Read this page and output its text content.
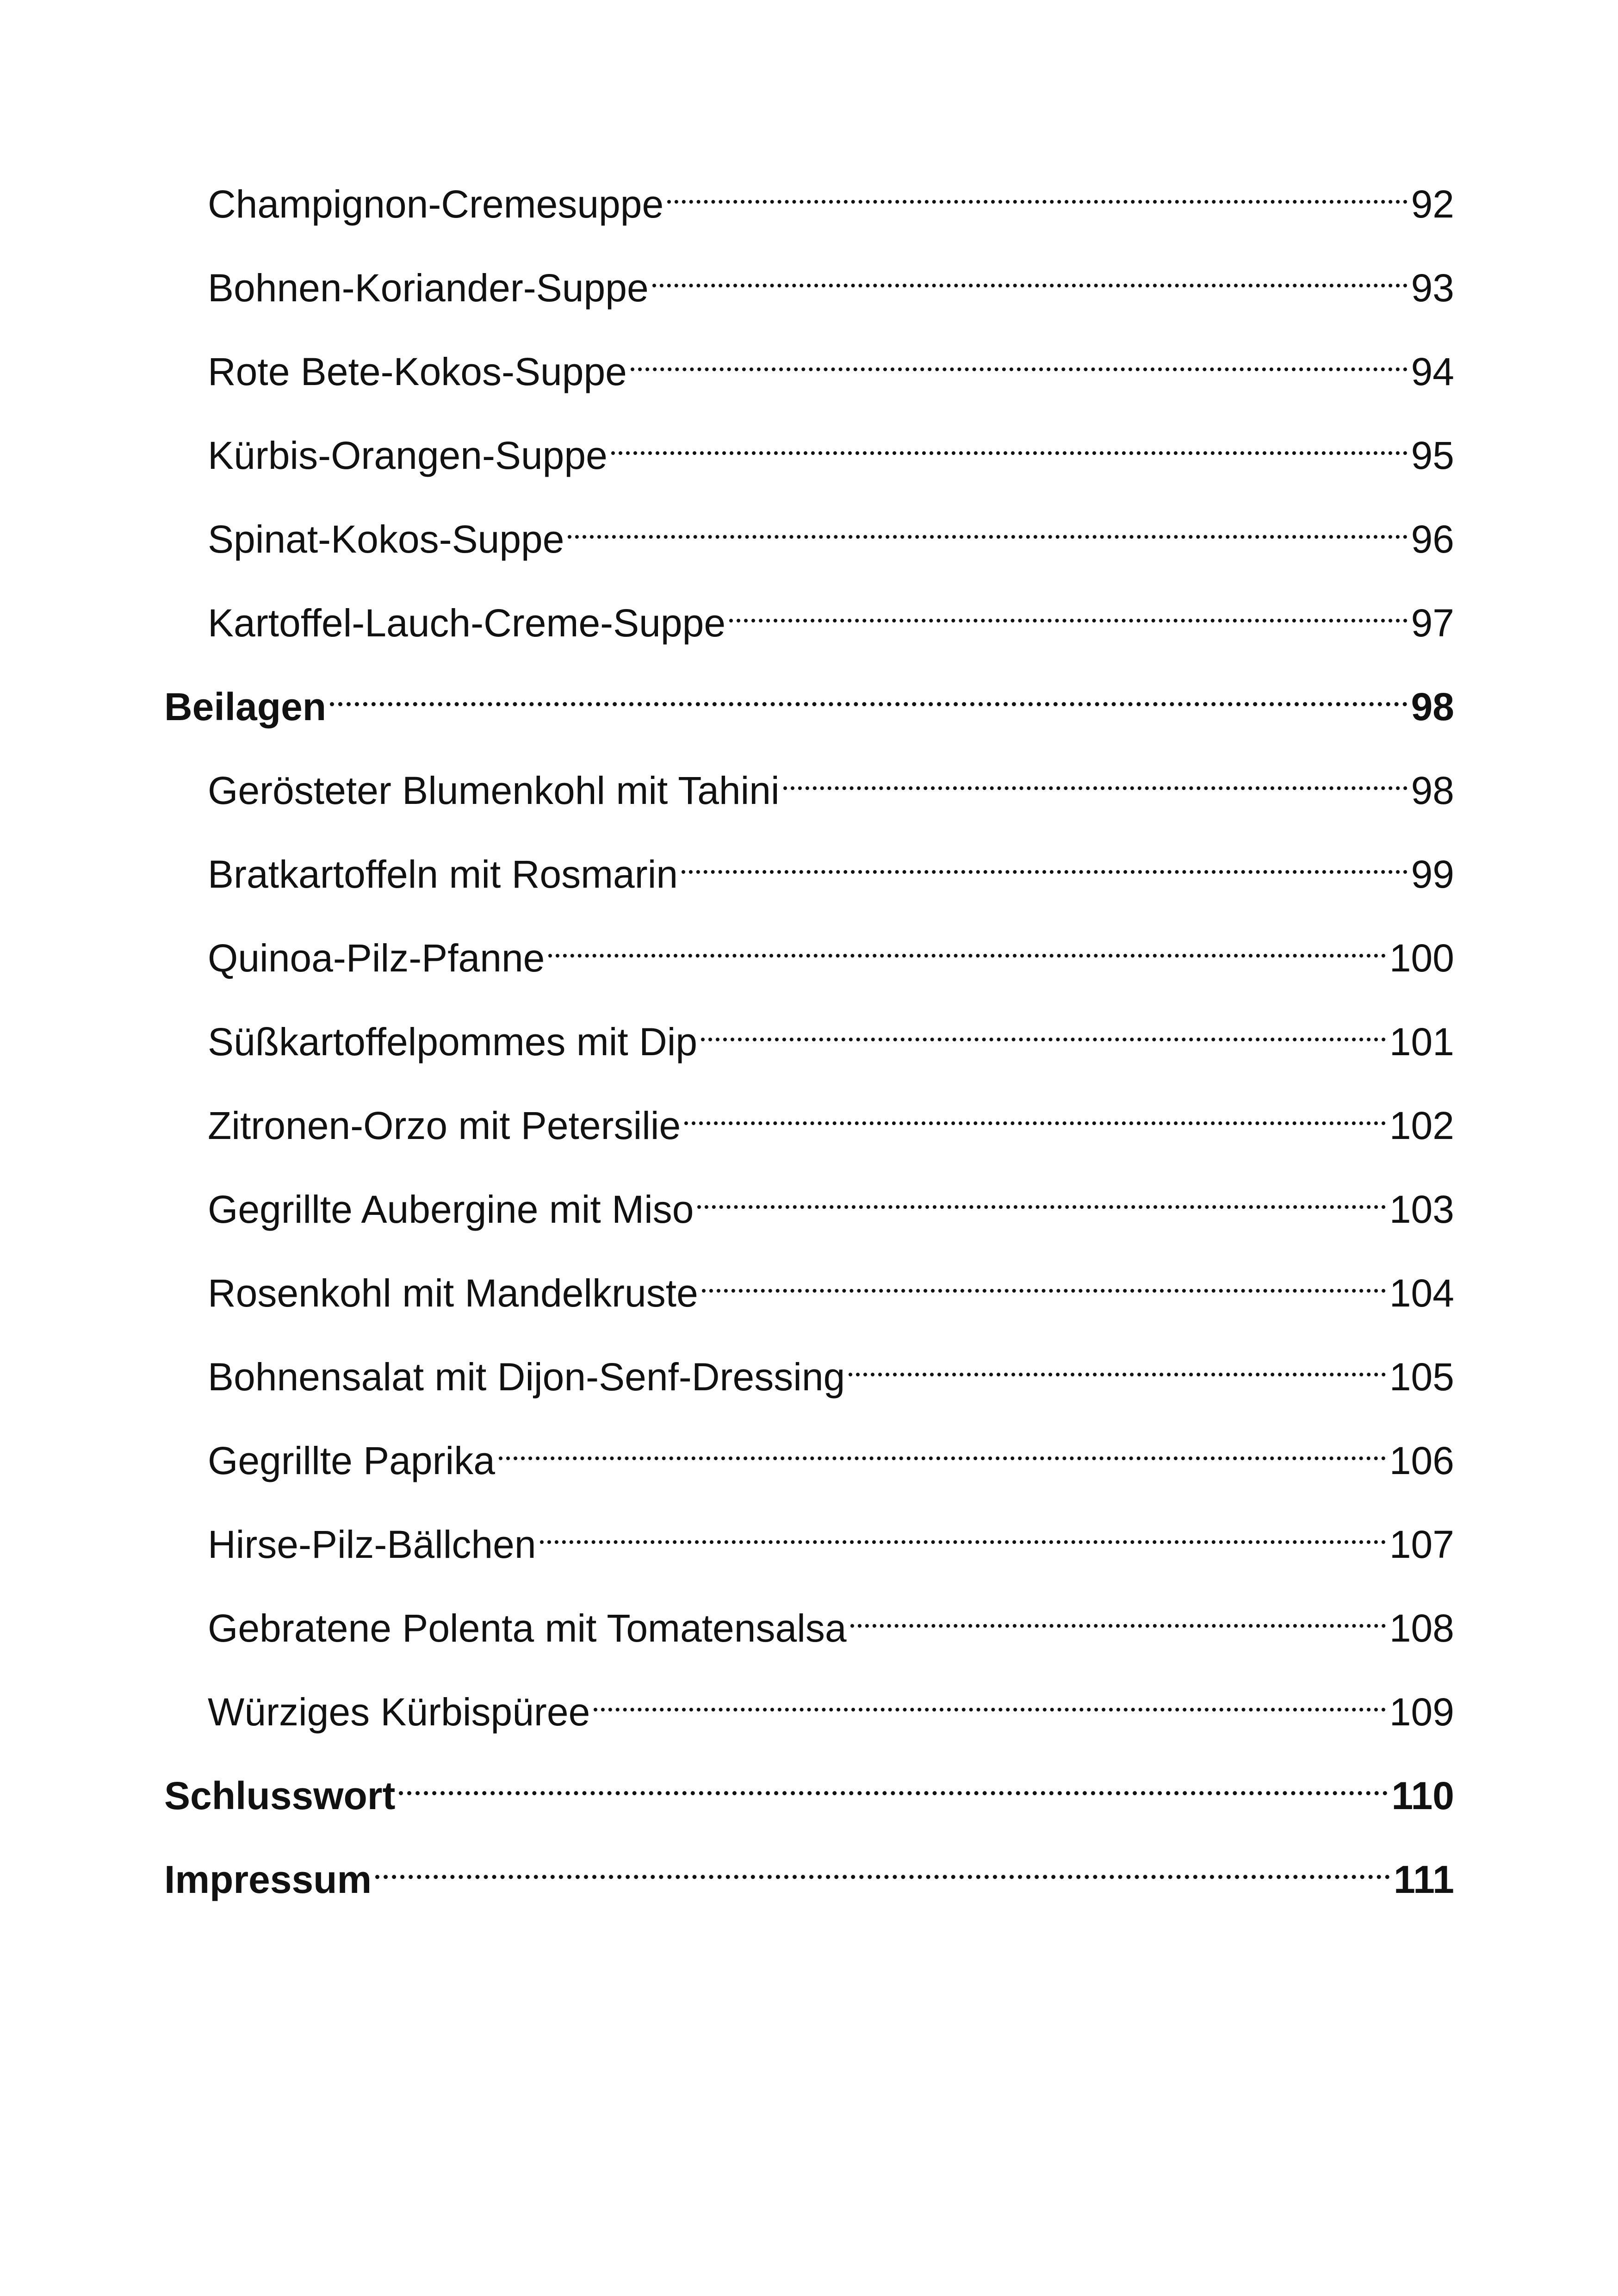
Champignon-Cremesuppe	92
Bohnen-Koriander-Suppe	93
Rote Bete-Kokos-Suppe	94
Kürbis-Orangen-Suppe	95
Spinat-Kokos-Suppe	96
Kartoffel-Lauch-Creme-Suppe	97
Beilagen	98
Gerösteter Blumenkohl mit Tahini	98
Bratkartoffeln mit Rosmarin	99
Quinoa-Pilz-Pfanne	100
Süßkartoffelpommes mit Dip	101
Zitronen-Orzo mit Petersilie	102
Gegrillte Aubergine mit Miso	103
Rosenkohl mit Mandelkruste	104
Bohnensalat mit Dijon-Senf-Dressing	105
Gegrillte Paprika	106
Hirse-Pilz-Bällchen	107
Gebratene Polenta mit Tomatensalsa	108
Würziges Kürbispüree	109
Schlusswort	110
Impressum	111
